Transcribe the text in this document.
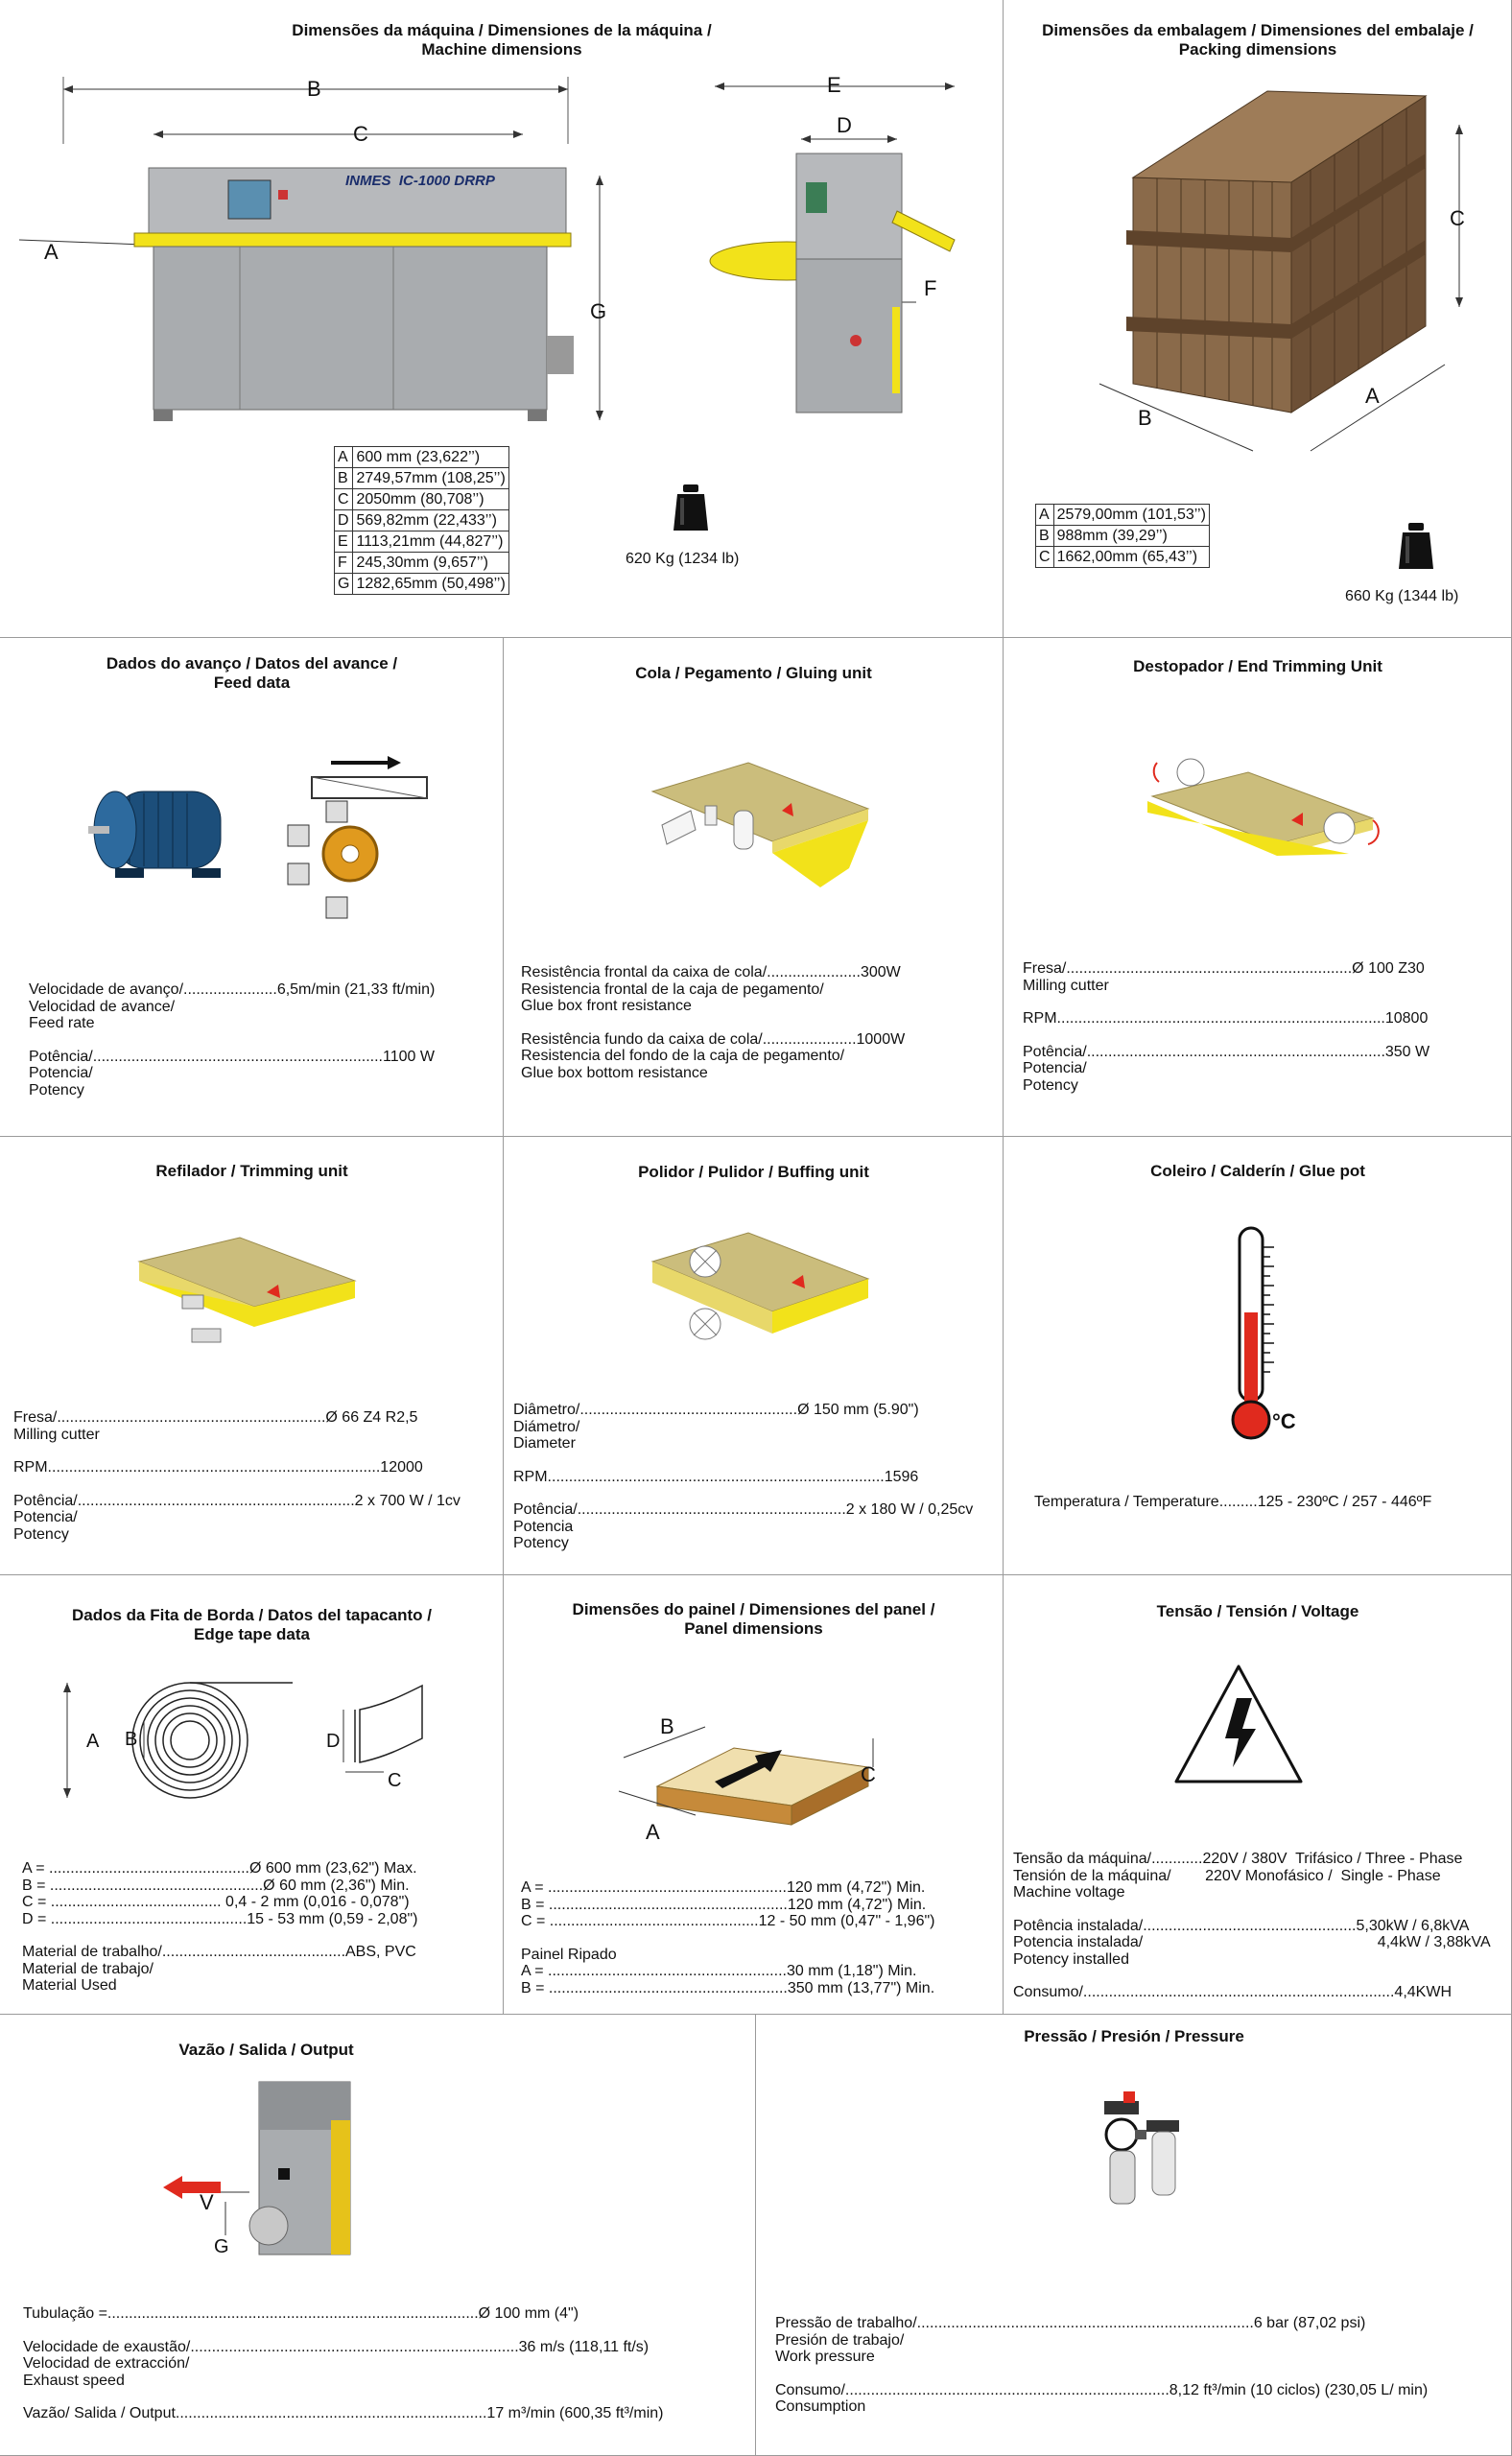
Dimensões da máquina / Dimensiones de la máquina /
Machine dimensions
B
C
A
G
E
D
F
INMES IC-1000 DRRP
A	600 mm (23,622’’)
B	2749,57mm (108,25’’)
C	2050mm (80,708’’)
D	569,82mm (22,433’’)
E	1113,21mm (44,827’’)
F	245,30mm (9,657’’)
G	1282,65mm (50,498’’)
620 Kg (1234 lb)
Dimensões da embalagem / Dimensiones del embalaje /
Packing dimensions
C
A
B
A	2579,00mm (101,53’’)
B	988mm (39,29’’)
C	1662,00mm (65,43’’)
660 Kg (1344 lb)
Dados do avanço / Datos del avance /
Feed data
Velocidade de avanço/......................6,5m/min (21,33 ft/min)
Velocidad de avance/
Feed rate
Potência/....................................................................1100 W
Potencia/
Potency
Cola / Pegamento / Gluing unit
Resistência frontal da caixa de cola/......................300W
Resistencia frontal de la caja de pegamento/
Glue box front resistance
Resistência fundo da caixa de cola/......................1000W
Resistencia del fondo de la caja de pegamento/
Glue box bottom resistance
Destopador / End Trimming Unit
Fresa/...................................................................Ø 100 Z30
Milling cutter
RPM.............................................................................10800
Potência/......................................................................350 W
Potencia/
Potency
Refilador / Trimming unit
Fresa/...............................................................Ø 66 Z4 R2,5
Milling cutter
RPM..............................................................................12000
Potência/.................................................................2 x 700 W / 1cv
Potencia/
Potency
Polidor / Pulidor / Buffing unit
Diâmetro/...................................................Ø 150 mm (5.90")
Diámetro/
Diameter
RPM...............................................................................1596
Potência/...............................................................2 x 180 W / 0,25cv
Potencia
Potency
Coleiro / Calderín / Glue pot
°C
Temperatura / Temperature.........125 - 230ºC / 257 - 446ºF
Dados da Fita de Borda / Datos del tapacanto /
Edge tape data
A B	D
C
A = ...............................................Ø 600 mm (23,62") Max.
B = ..................................................Ø 60 mm (2,36") Min.
C = ........................................ 0,4 - 2 mm (0,016 - 0,078")
D = ..............................................15 - 53 mm (0,59 - 2,08")
Material de trabalho/...........................................ABS, PVC
Material de trabajo/
Material Used
Dimensões do painel / Dimensiones del panel /
Panel dimensions
B
C
A
A = ........................................................120 mm (4,72") Min.
B = ........................................................120 mm (4,72") Min.
C = .................................................12 - 50 mm (0,47" - 1,96")
Painel Ripado
A = ........................................................30 mm (1,18") Min.
B = ........................................................350 mm (13,77") Min.
Tensão / Tensión / Voltage
Tensão da máquina/............220V / 380V  Trifásico / Three - Phase
Tensión de la máquina/        220V Monofásico /  Single - Phase
Machine voltage
Potência instalada/..................................................5,30kW / 6,8kVA
Potencia instalada/                                                       4,4kW / 3,88kVA
Potency installed
Consumo/.........................................................................4,4KWH
Vazão / Salida / Output
V
G
Tubulação =.......................................................................................Ø 100 mm (4")
Velocidade de exaustão/.............................................................................36 m/s (118,11 ft/s)
Velocidad de extracción/
Exhaust speed
Vazão/ Salida / Output.........................................................................17 m³/min (600,35 ft³/min)
Pressão / Presión / Pressure
Pressão de trabalho/...............................................................................6 bar (87,02 psi)
Presión de trabajo/
Work pressure
Consumo/............................................................................8,12 ft³/min (10 ciclos) (230,05 L/ min)
Consumption
